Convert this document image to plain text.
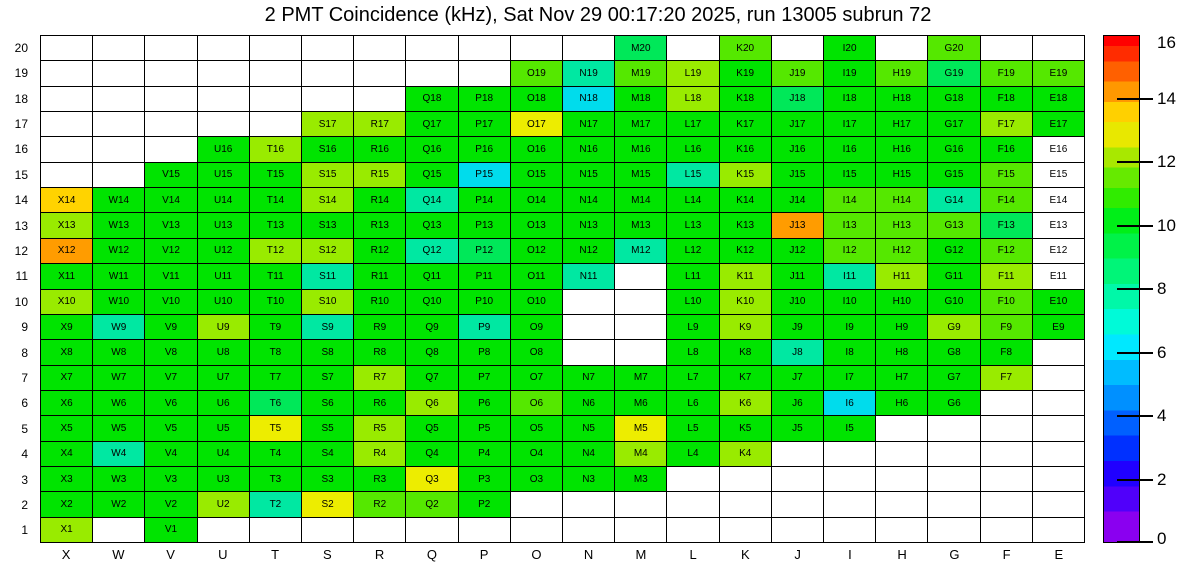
2 PMT Coincidence (kHz), Sat Nov 29 00:17:20 2025, run 13005 subrun 72
20
19
18
17
16
15
14
13
12
11
10
9
8
7
6
5
4
3
2
1
M20	K20	I20	G20
O19	N19	M19	L19	K19	J19	I19	H19	G19	F19	E19
Q18	P18	O18	N18	M18	L18	K18	J18	I18	H18	G18	F18	E18
S17	R17	Q17	P17	O17	N17	M17	L17	K17	J17	I17	H17	G17	F17	E17
U16	T16	S16	R16	Q16	P16	O16	N16	M16	L16	K16	J16	I16	H16	G16	F16	E16
V15	U15	T15	S15	R15	Q15	P15	O15	N15	M15	L15	K15	J15	I15	H15	G15	F15	E15
X14	W14	V14	U14	T14	S14	R14	Q14	P14	O14	N14	M14	L14	K14	J14	I14	H14	G14	F14	E14
X13	W13	V13	U13	T13	S13	R13	Q13	P13	O13	N13	M13	L13	K13	J13	I13	H13	G13	F13	E13
X12	W12	V12	U12	T12	S12	R12	Q12	P12	O12	N12	M12	L12	K12	J12	I12	H12	G12	F12	E12
X11	W11	V11	U11	T11	S11	R11	Q11	P11	O11	N11	L11	K11	J11	I11	H11	G11	F11	E11
X10	W10	V10	U10	T10	S10	R10	Q10	P10	O10	L10	K10	J10	I10	H10	G10	F10	E10
X9	W9	V9	U9	T9	S9	R9	Q9	P9	O9	L9	K9	J9	I9	H9	G9	F9	E9
X8	W8	V8	U8	T8	S8	R8	Q8	P8	O8	L8	K8	J8	I8	H8	G8	F8
X7	W7	V7	U7	T7	S7	R7	Q7	P7	O7	N7	M7	L7	K7	J7	I7	H7	G7	F7
X6	W6	V6	U6	T6	S6	R6	Q6	P6	O6	N6	M6	L6	K6	J6	I6	H6	G6
X5	W5	V5	U5	T5	S5	R5	Q5	P5	O5	N5	M5	L5	K5	J5	I5
X4	W4	V4	U4	T4	S4	R4	Q4	P4	O4	N4	M4	L4	K4
X3	W3	V3	U3	T3	S3	R3	Q3	P3	O3	N3	M3
X2	W2	V2	U2	T2	S2	R2	Q2	P2
X1	V1
X	W	V	U	T	S	R	Q	P	O	N	M	L	K	J	I	H	G	F	E
16
14
12
10
8
6
4
2
0
